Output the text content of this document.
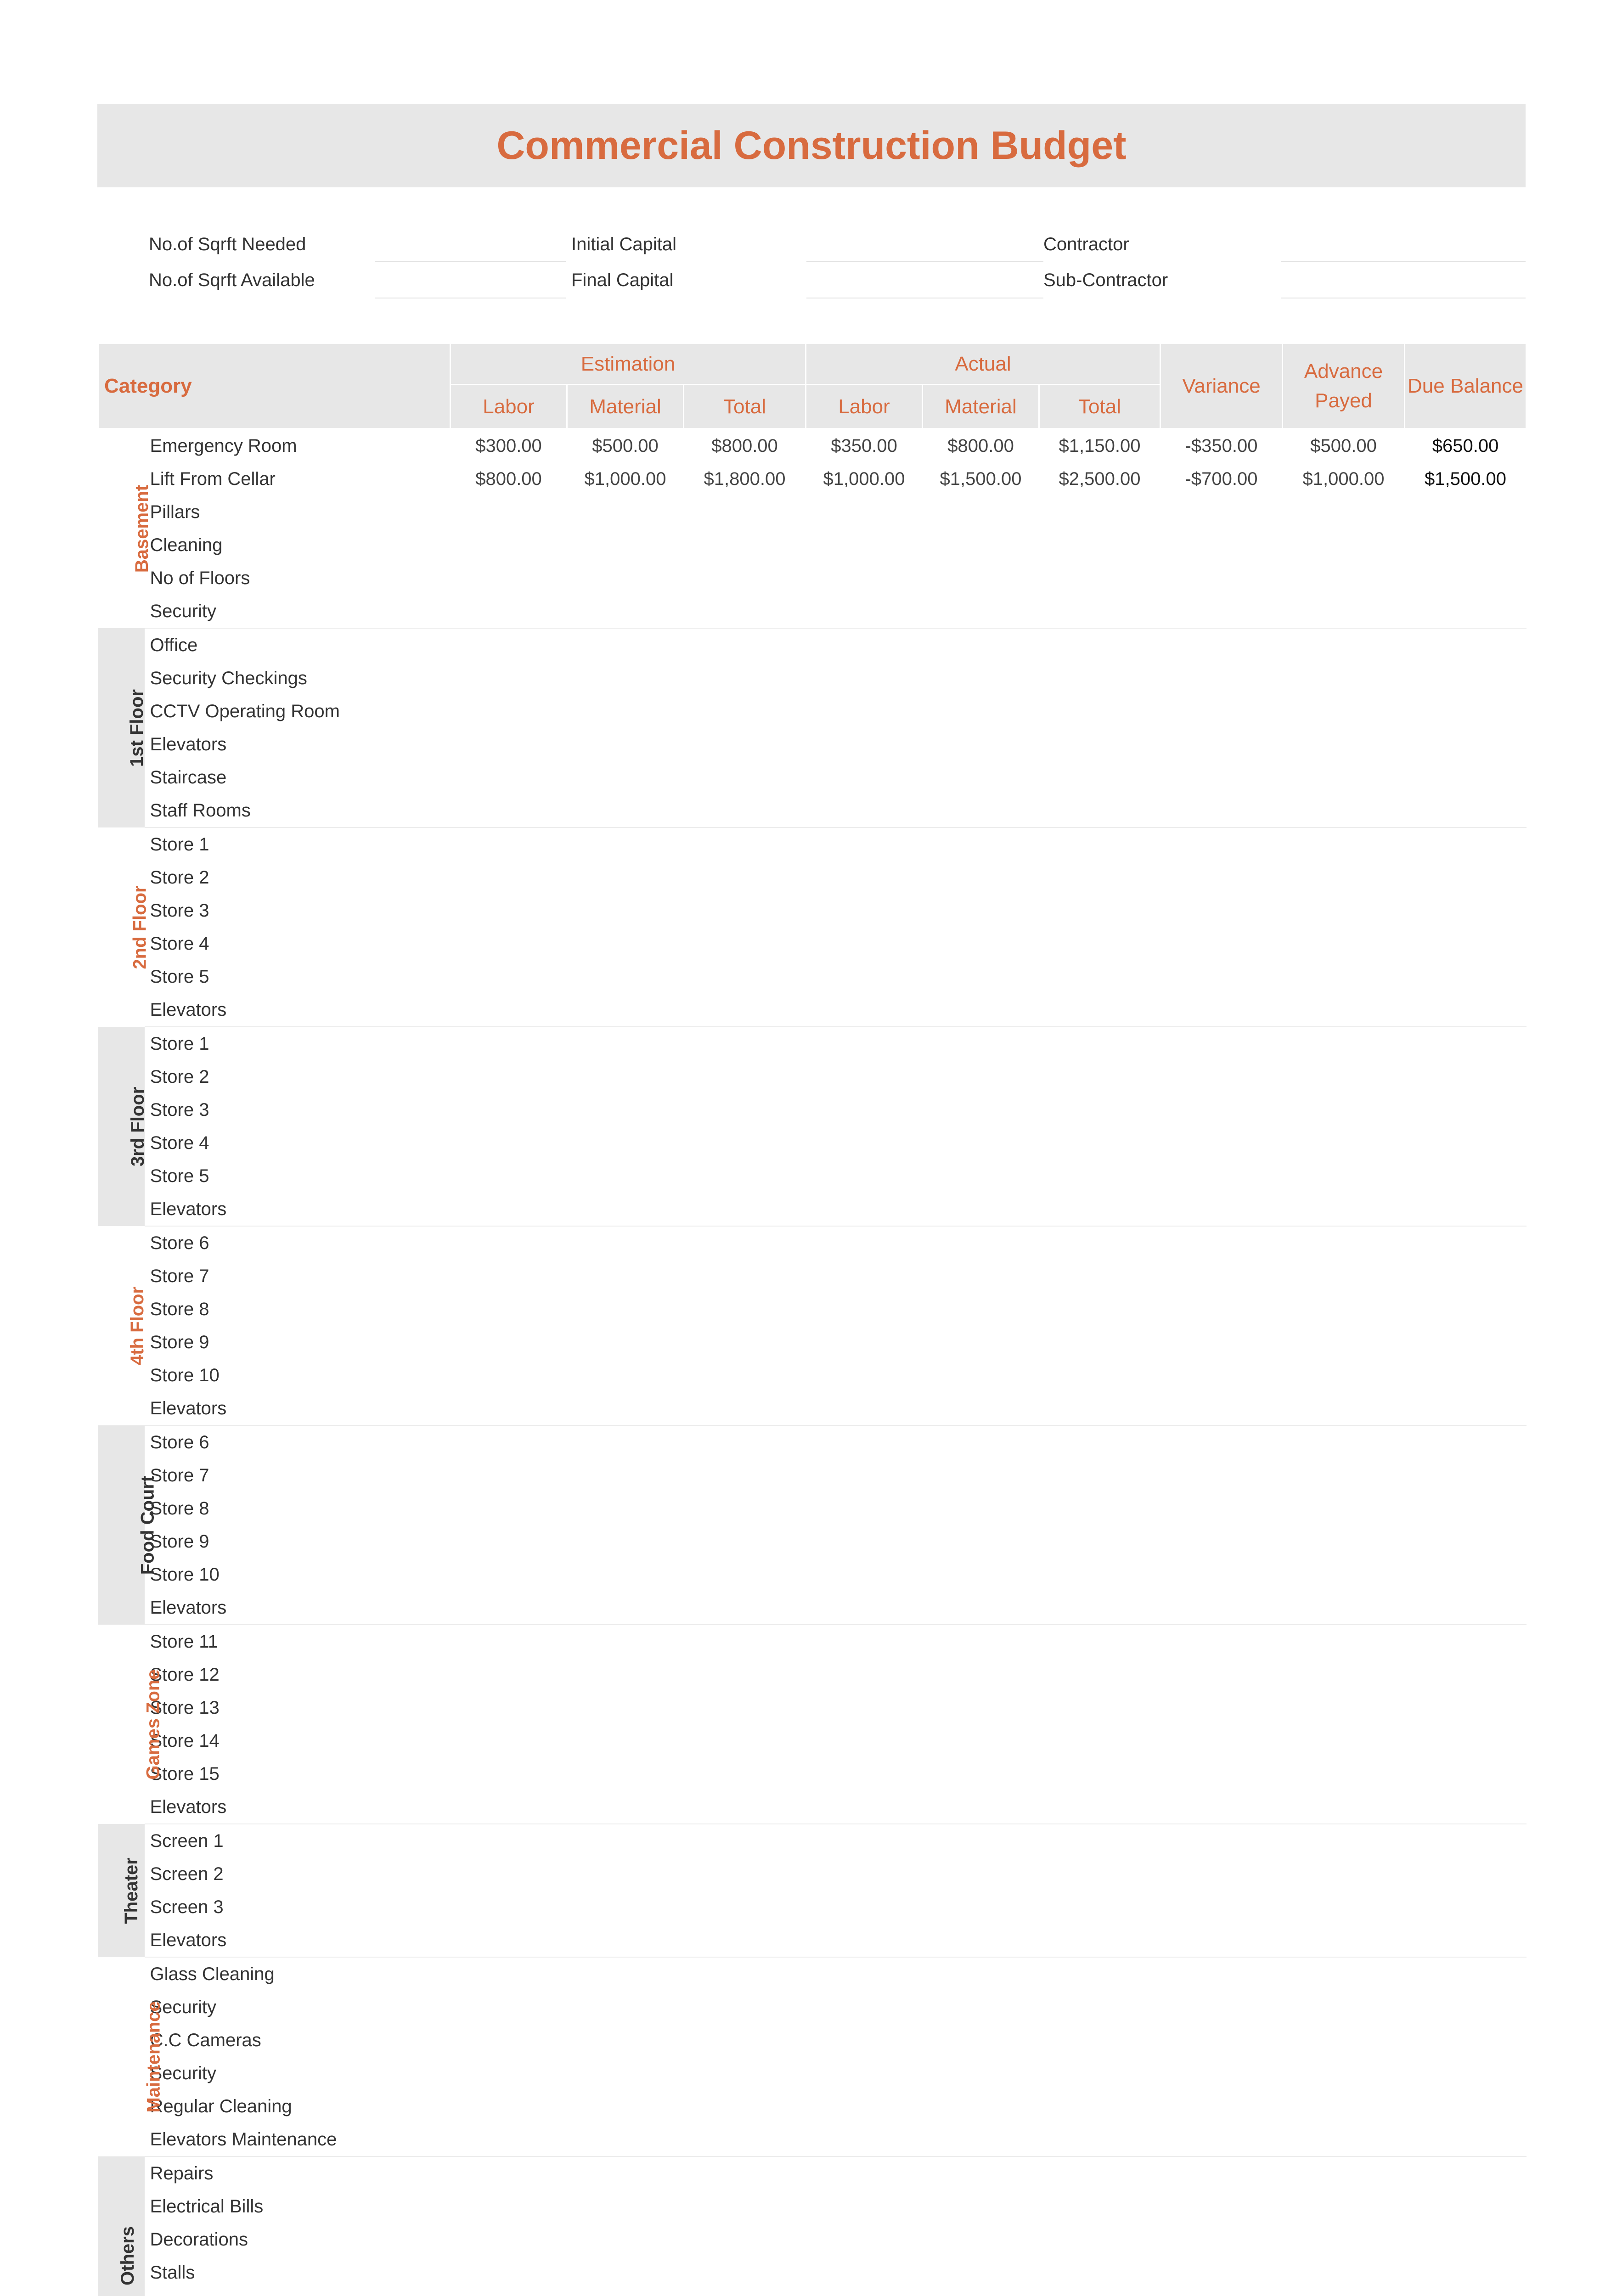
Commercial Construction Budget
No.of Sqrft Needed
No.of Sqrft Available
Initial Capital
Final Capital
Contractor
Sub-Contractor
Category		Estimation			Actual			Variance	Advance Payed	Due Balance
		Labor	Material	Total	Labor	Material	Total			
Basement	Emergency Room	$300.00	$500.00	$800.00	$350.00	$800.00	$1,150.00	-$350.00	$500.00	$650.00
	Lift From Cellar	$800.00	$1,000.00	$1,800.00	$1,000.00	$1,500.00	$2,500.00	-$700.00	$1,000.00	$1,500.00
	Pillars									
	Cleaning									
	No of Floors									
	Security									
1st Floor	Office									
	Security Checkings									
	CCTV Operating Room									
	Elevators									
	Staircase									
	Staff Rooms									
2nd Floor	Store 1									
	Store 2									
	Store 3									
	Store 4									
	Store 5									
	Elevators									
3rd Floor	Store 1									
	Store 2									
	Store 3									
	Store 4									
	Store 5									
	Elevators									
4th Floor	Store 6									
	Store 7									
	Store 8									
	Store 9									
	Store 10									
	Elevators									
Food Court	Store 6									
	Store 7									
	Store 8									
	Store 9									
	Store 10									
	Elevators									
Games Zone	Store 11									
	Store 12									
	Store 13									
	Store 14									
	Store 15									
	Elevators									
Theater	Screen 1									
	Screen 2									
	Screen 3									
	Elevators									
Maintenance	Glass Cleaning									
	Security									
	C.C Cameras									
	Security									
	Regular Cleaning									
	Elevators Maintenance									
Others	Repairs									
	Electrical Bills									
	Decorations									
	Stalls									
